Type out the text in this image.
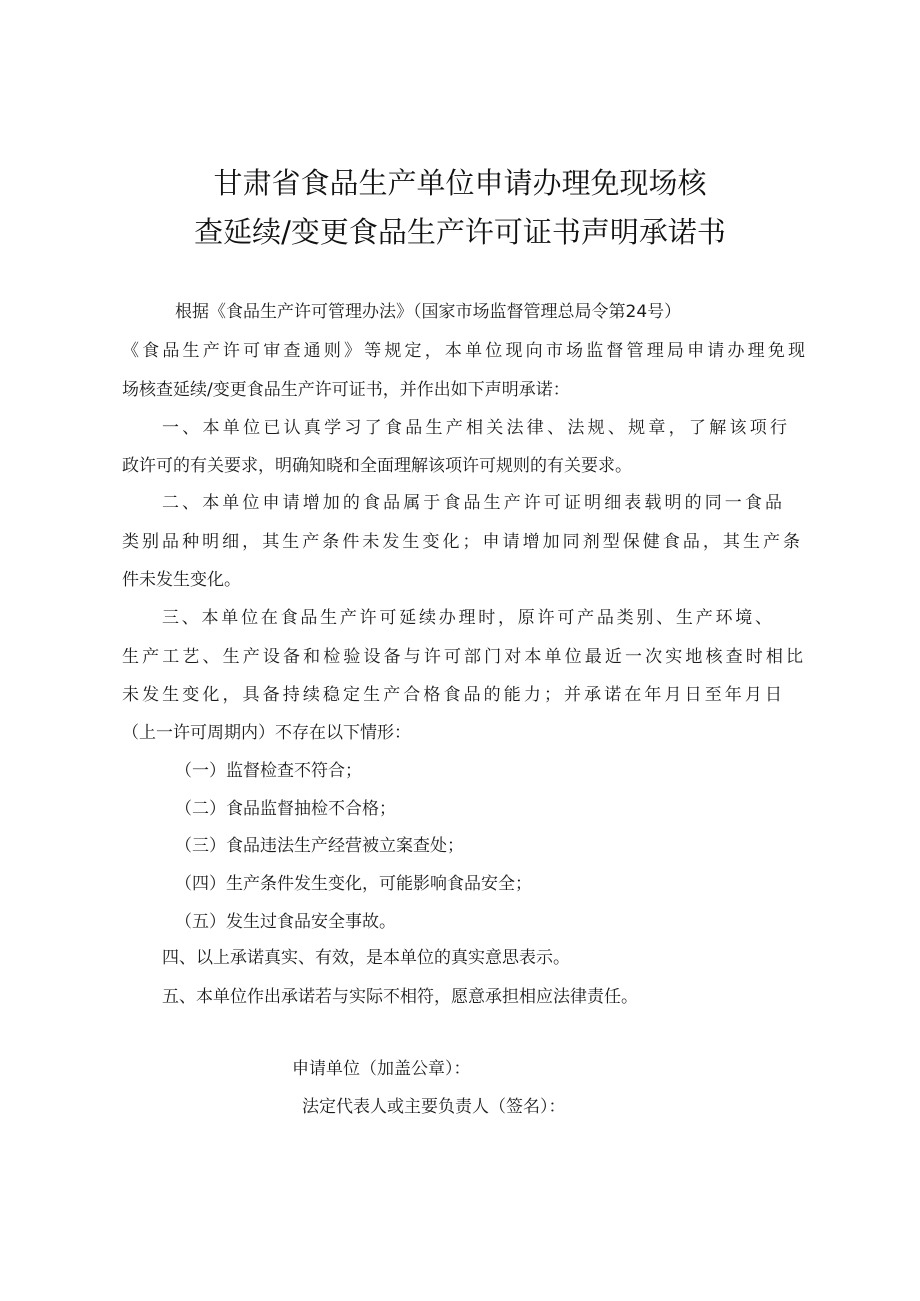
甘肃省食品生产单位申请办理免现场核
查延续/变更食品生产许可证书声明承诺书
根据《食品生产许可管理办法》（国家市场监督管理总局令第24号）
《食品生产许可审查通则》等规定，本单位现向市场监督管理局申请办理免现
场核查延续/变更食品生产许可证书，并作出如下声明承诺：
一、本单位已认真学习了食品生产相关法律、法规、规章，了解该项行
政许可的有关要求，明确知晓和全面理解该项许可规则的有关要求。
二、本单位申请增加的食品属于食品生产许可证明细表载明的同一食品
类别品种明细，其生产条件未发生变化；申请增加同剂型保健食品，其生产条
件未发生变化。
三、本单位在食品生产许可延续办理时，原许可产品类别、生产环境、
生产工艺、生产设备和检验设备与许可部门对本单位最近一次实地核查时相比
未发生变化，具备持续稳定生产合格食品的能力；并承诺在年月日至年月日
（上一许可周期内）不存在以下情形：
（一）监督检查不符合；
（二）食品监督抽检不合格；
（三）食品违法生产经营被立案查处；
（四）生产条件发生变化，可能影响食品安全；
（五）发生过食品安全事故。
四、以上承诺真实、有效，是本单位的真实意思表示。
五、本单位作出承诺若与实际不相符，愿意承担相应法律责任。
申请单位（加盖公章）：
法定代表人或主要负责人（签名）：
